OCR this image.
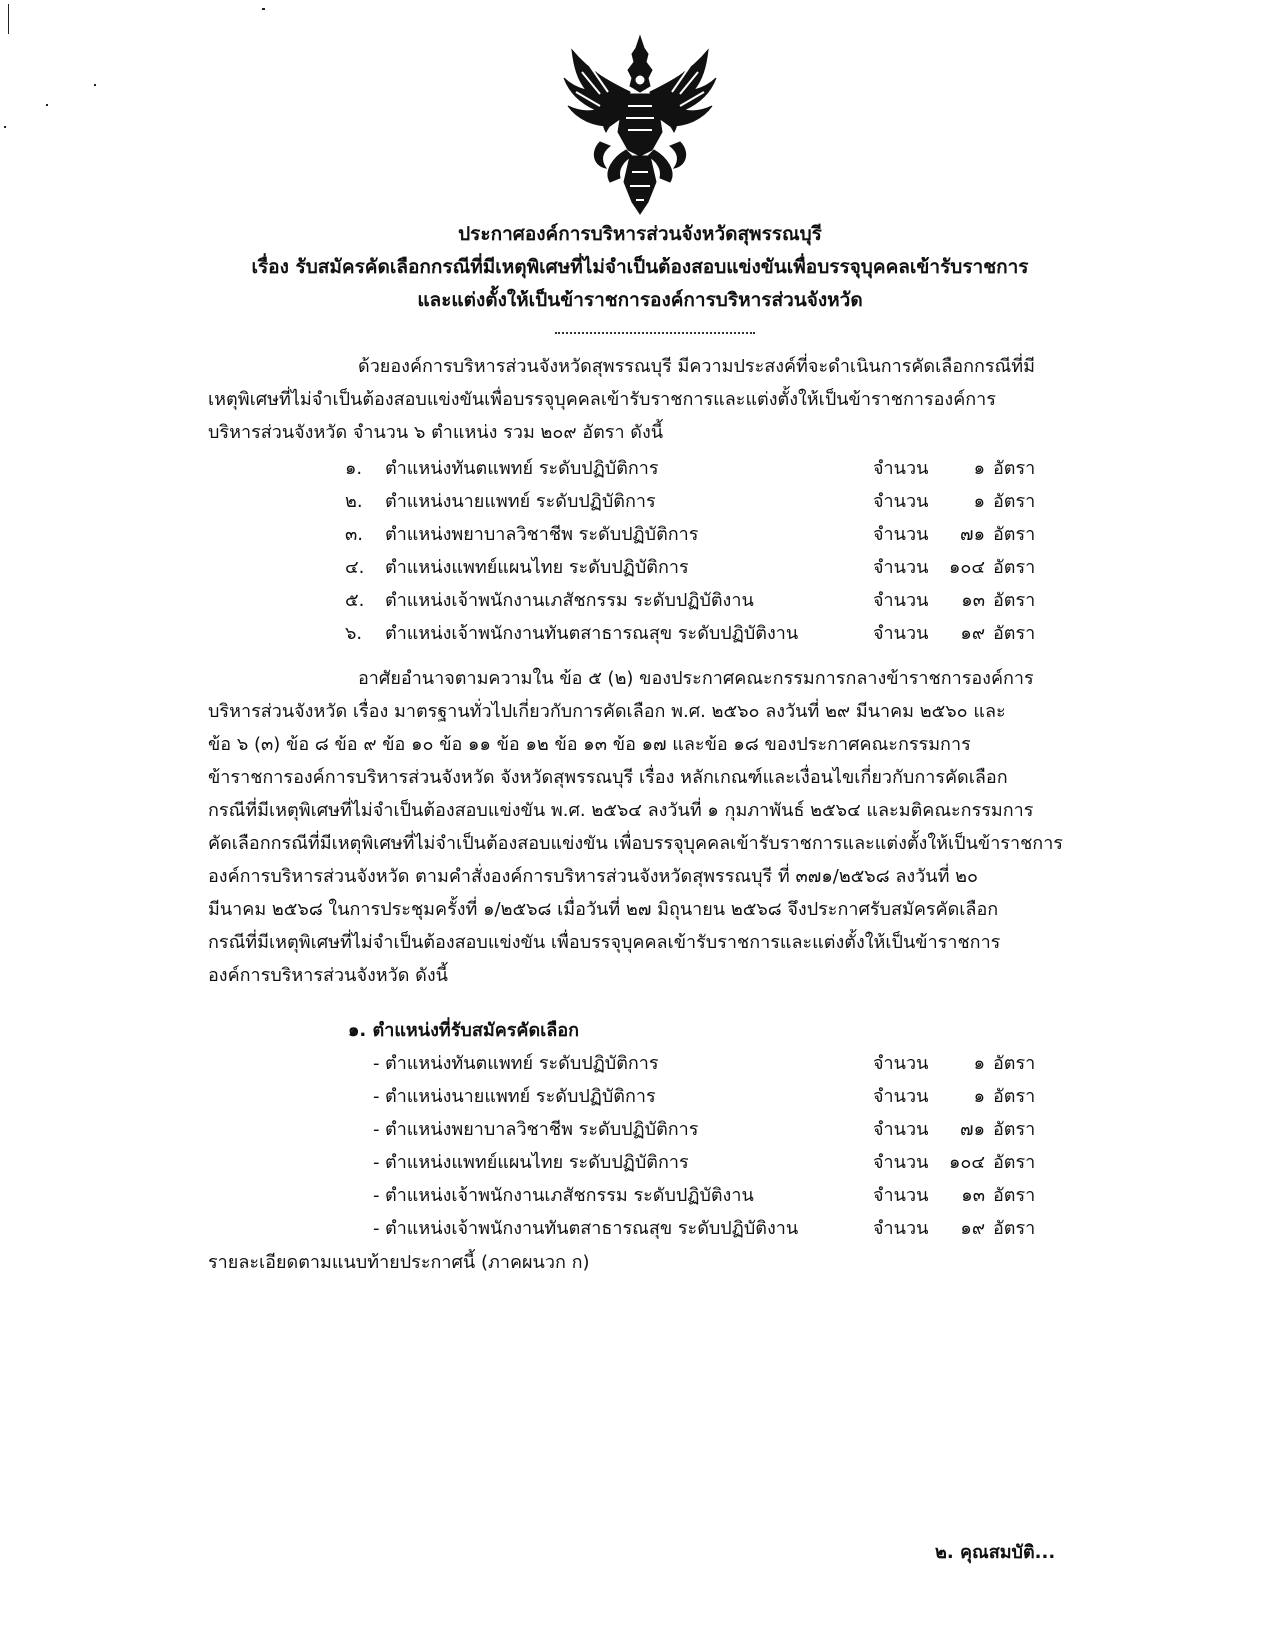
ประกาศองค์การบริหารส่วนจังหวัดสุพรรณบุรี
เรื่อง รับสมัครคัดเลือกกรณีที่มีเหตุพิเศษที่ไม่จำเป็นต้องสอบแข่งขันเพื่อบรรจุบุคคลเข้ารับราชการ
และแต่งตั้งให้เป็นข้าราชการองค์การบริหารส่วนจังหวัด
ด้วยองค์การบริหารส่วนจังหวัดสุพรรณบุรี มีความประสงค์ที่จะดำเนินการคัดเลือกกรณีที่มี
เหตุพิเศษที่ไม่จำเป็นต้องสอบแข่งขันเพื่อบรรจุบุคคลเข้ารับราชการและแต่งตั้งให้เป็นข้าราชการองค์การ
บริหารส่วนจังหวัด จำนวน ๖ ตำแหน่ง รวม ๒๐๙ อัตรา ดังนี้
๑. ตำแหน่งทันตแพทย์ ระดับปฏิบัติการ	จำนวน	๑ อัตรา
๒. ตำแหน่งนายแพทย์ ระดับปฏิบัติการ	จำนวน	๑ อัตรา
๓. ตำแหน่งพยาบาลวิชาชีพ ระดับปฏิบัติการ	จำนวน	๗๑ อัตรา
๔. ตำแหน่งแพทย์แผนไทย ระดับปฏิบัติการ	จำนวน	๑๐๔ อัตรา
๕. ตำแหน่งเจ้าพนักงานเภสัชกรรม ระดับปฏิบัติงาน	จำนวน	๑๓ อัตรา
๖. ตำแหน่งเจ้าพนักงานทันตสาธารณสุข ระดับปฏิบัติงาน	จำนวน	๑๙ อัตรา
อาศัยอำนาจตามความใน ข้อ ๕ (๒) ของประกาศคณะกรรมการกลางข้าราชการองค์การ
บริหารส่วนจังหวัด เรื่อง มาตรฐานทั่วไปเกี่ยวกับการคัดเลือก พ.ศ. ๒๕๖๐ ลงวันที่ ๒๙ มีนาคม ๒๕๖๐ และ
ข้อ ๖ (๓) ข้อ ๘ ข้อ ๙ ข้อ ๑๐ ข้อ ๑๑ ข้อ ๑๒ ข้อ ๑๓ ข้อ ๑๗ และข้อ ๑๘ ของประกาศคณะกรรมการ
ข้าราชการองค์การบริหารส่วนจังหวัด จังหวัดสุพรรณบุรี เรื่อง หลักเกณฑ์และเงื่อนไขเกี่ยวกับการคัดเลือก
กรณีที่มีเหตุพิเศษที่ไม่จำเป็นต้องสอบแข่งขัน พ.ศ. ๒๕๖๔ ลงวันที่ ๑ กุมภาพันธ์ ๒๕๖๔ และมติคณะกรรมการ
คัดเลือกกรณีที่มีเหตุพิเศษที่ไม่จำเป็นต้องสอบแข่งขัน เพื่อบรรจุบุคคลเข้ารับราชการและแต่งตั้งให้เป็นข้าราชการ
องค์การบริหารส่วนจังหวัด ตามคำสั่งองค์การบริหารส่วนจังหวัดสุพรรณบุรี ที่ ๓๗๑/๒๕๖๘ ลงวันที่ ๒๐
มีนาคม ๒๕๖๘ ในการประชุมครั้งที่ ๑/๒๕๖๘ เมื่อวันที่ ๒๗ มิถุนายน ๒๕๖๘ จึงประกาศรับสมัครคัดเลือก
กรณีที่มีเหตุพิเศษที่ไม่จำเป็นต้องสอบแข่งขัน เพื่อบรรจุบุคคลเข้ารับราชการและแต่งตั้งให้เป็นข้าราชการ
องค์การบริหารส่วนจังหวัด ดังนี้
๑. ตำแหน่งที่รับสมัครคัดเลือก
- ตำแหน่งทันตแพทย์ ระดับปฏิบัติการ	จำนวน	๑ อัตรา
- ตำแหน่งนายแพทย์ ระดับปฏิบัติการ	จำนวน	๑ อัตรา
- ตำแหน่งพยาบาลวิชาชีพ ระดับปฏิบัติการ	จำนวน	๗๑ อัตรา
- ตำแหน่งแพทย์แผนไทย ระดับปฏิบัติการ	จำนวน	๑๐๔ อัตรา
- ตำแหน่งเจ้าพนักงานเภสัชกรรม ระดับปฏิบัติงาน	จำนวน	๑๓ อัตรา
- ตำแหน่งเจ้าพนักงานทันตสาธารณสุข ระดับปฏิบัติงาน	จำนวน	๑๙ อัตรา
รายละเอียดตามแนบท้ายประกาศนี้ (ภาคผนวก ก)
๒. คุณสมบัติ...
